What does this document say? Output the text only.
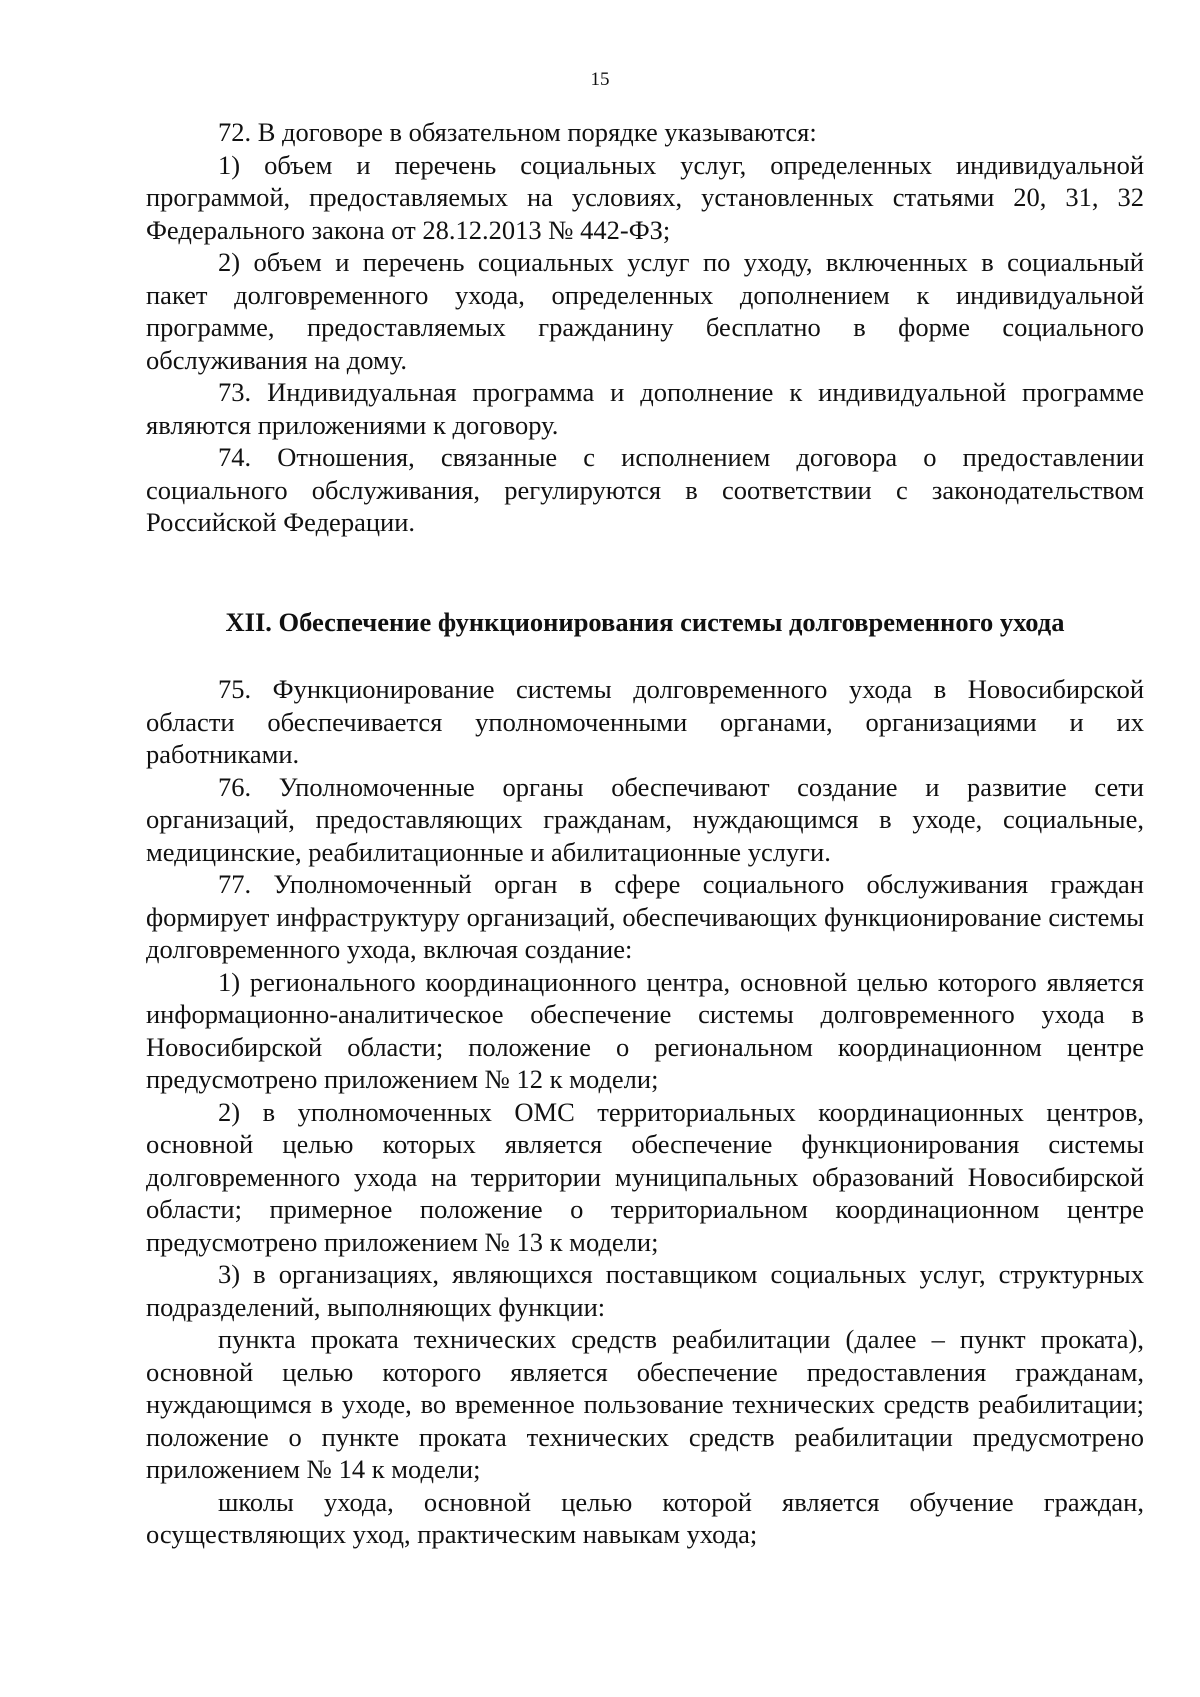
15

72. В договоре в обязательном порядке указываются:

1) объем и перечень социальных услуг, определенных индивидуальной программой, предоставляемых на условиях, установленных статьями 20, 31, 32 Федерального закона от 28.12.2013 № 442-ФЗ;

2) объем и перечень социальных услуг по уходу, включенных в социальный пакет долговременного ухода, определенных дополнением к индивидуальной программе, предоставляемых гражданину бесплатно в форме социального обслуживания на дому.

73. Индивидуальная программа и дополнение к индивидуальной программе являются приложениями к договору.

74. Отношения, связанные с исполнением договора о предоставлении социального обслуживания, регулируются в соответствии с законодательством Российской Федерации.

XII. Обеспечение функционирования системы долговременного ухода

75. Функционирование системы долговременного ухода в Новосибирской области обеспечивается уполномоченными органами, организациями и их работниками.

76. Уполномоченные органы обеспечивают создание и развитие сети организаций, предоставляющих гражданам, нуждающимся в уходе, социальные, медицинские, реабилитационные и абилитационные услуги.

77. Уполномоченный орган в сфере социального обслуживания граждан формирует инфраструктуру организаций, обеспечивающих функционирование системы долговременного ухода, включая создание:

1) регионального координационного центра, основной целью которого является информационно-аналитическое обеспечение системы долговременного ухода в Новосибирской области; положение о региональном координационном центре предусмотрено приложением № 12 к модели;

2) в уполномоченных ОМС территориальных координационных центров, основной целью которых является обеспечение функционирования системы долговременного ухода на территории муниципальных образований Новосибирской области; примерное положение о территориальном координационном центре предусмотрено приложением № 13 к модели;

3) в организациях, являющихся поставщиком социальных услуг, структурных подразделений, выполняющих функции:

пункта проката технических средств реабилитации (далее – пункт проката), основной целью которого является обеспечение предоставления гражданам, нуждающимся в уходе, во временное пользование технических средств реабилитации; положение о пункте проката технических средств реабилитации предусмотрено приложением № 14 к модели;

школы ухода, основной целью которой является обучение граждан, осуществляющих уход, практическим навыкам ухода;
